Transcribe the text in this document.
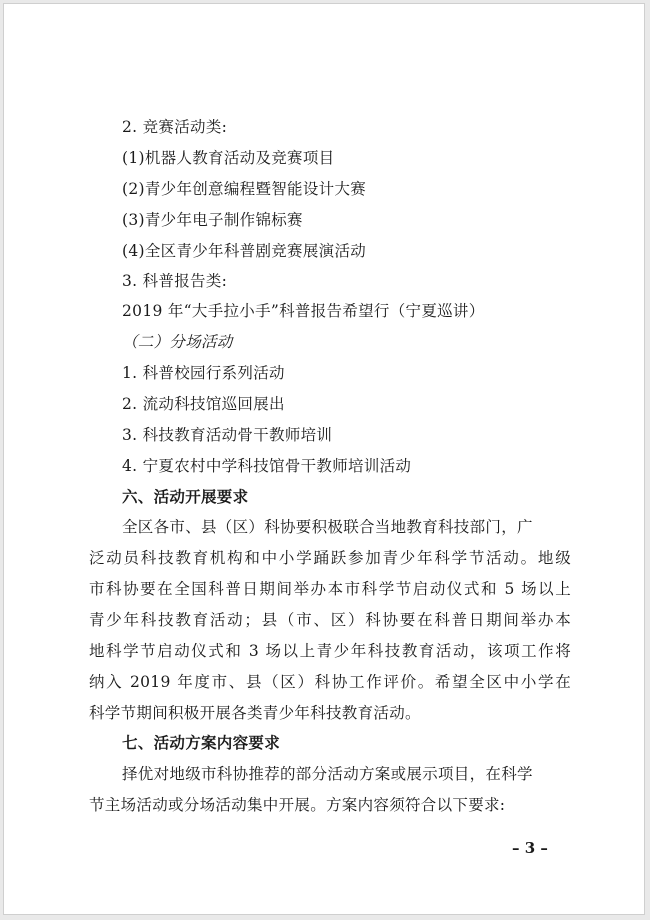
2. 竞赛活动类:
(1)机器人教育活动及竞赛项目
(2)青少年创意编程暨智能设计大赛
(3)青少年电子制作锦标赛
(4)全区青少年科普剧竞赛展演活动
3. 科普报告类:
2019 年“大手拉小手”科普报告希望行（宁夏巡讲）
（二）分场活动
1. 科普校园行系列活动
2. 流动科技馆巡回展出
3. 科技教育活动骨干教师培训
4. 宁夏农村中学科技馆骨干教师培训活动
六、活动开展要求
全区各市、县（区）科协要积极联合当地教育科技部门，广
泛动员科技教育机构和中小学踊跃参加青少年科学节活动。地级
市科协要在全国科普日期间举办本市科学节启动仪式和 5 场以上
青少年科技教育活动；县（市、区）科协要在科普日期间举办本
地科学节启动仪式和 3 场以上青少年科技教育活动，该项工作将
纳入 2019 年度市、县（区）科协工作评价。希望全区中小学在
科学节期间积极开展各类青少年科技教育活动。
七、活动方案内容要求
择优对地级市科协推荐的部分活动方案或展示项目，在科学
节主场活动或分场活动集中开展。方案内容须符合以下要求:
– 3 –
